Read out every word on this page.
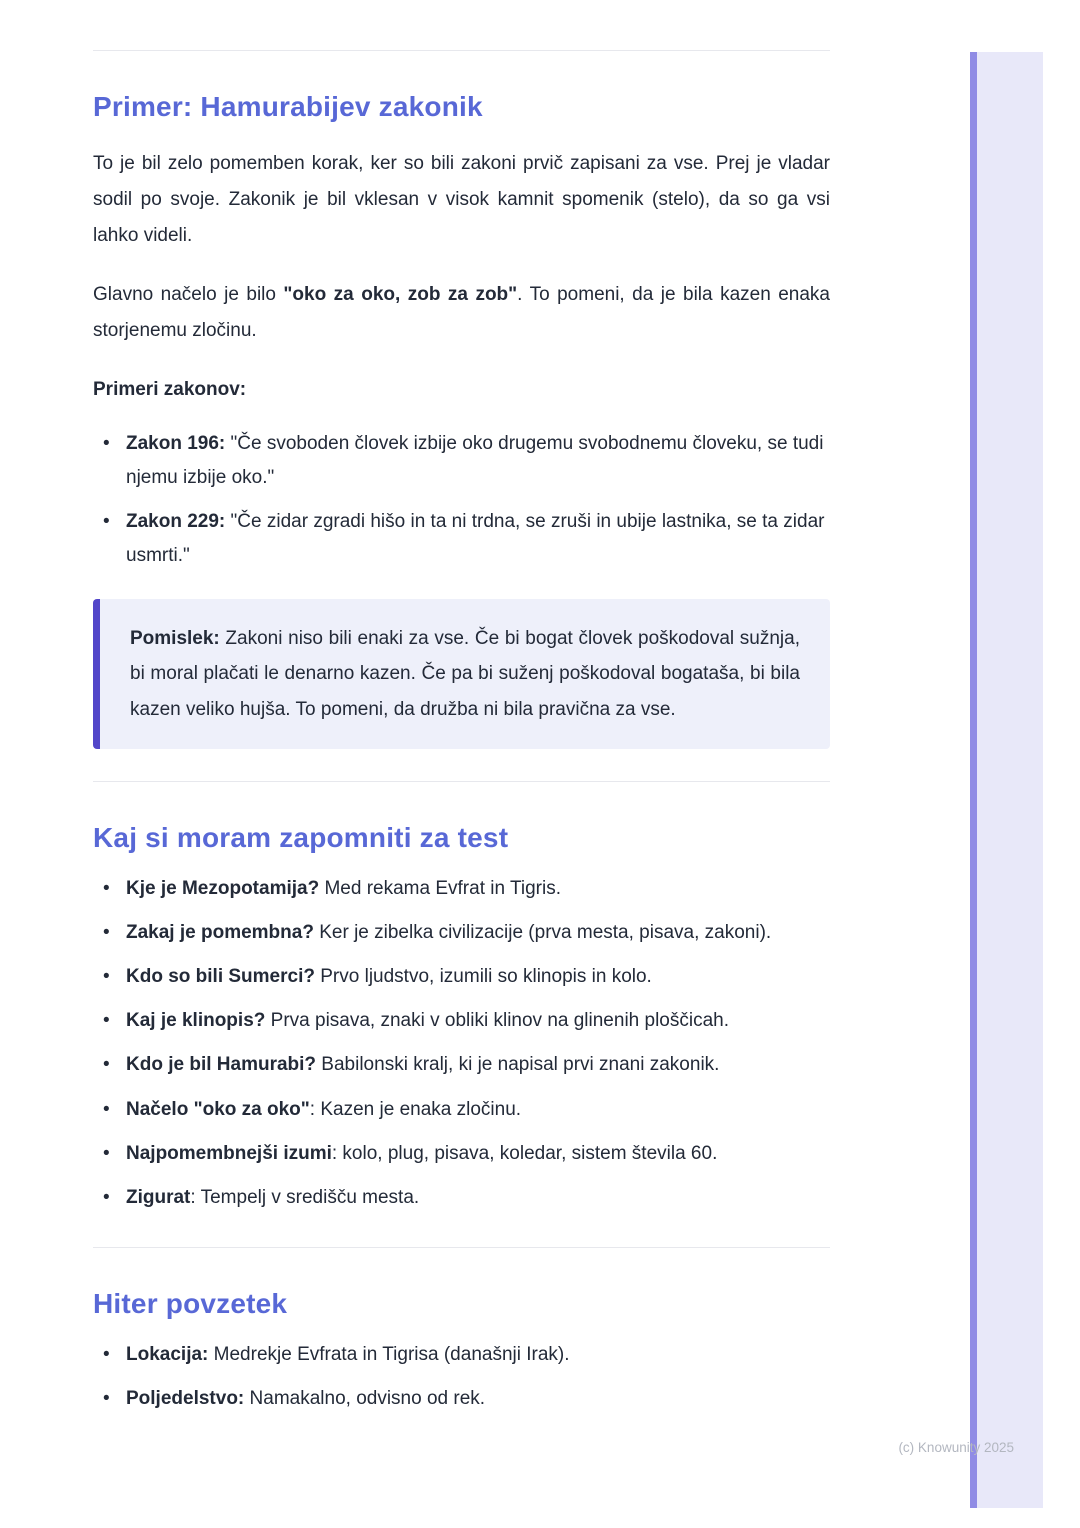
Primer: Hamurabijev zakonik

To je bil zelo pomemben korak, ker so bili zakoni prvič zapisani za vse. Prej je vladar sodil po svoje. Zakonik je bil vklesan v visok kamnit spomenik (stelo), da so ga vsi lahko videli.

Glavno načelo je bilo "oko za oko, zob za zob". To pomeni, da je bila kazen enaka storjenemu zločinu.

Primeri zakonov:

• Zakon 196: "Če svoboden človek izbije oko drugemu svobodnemu človeku, se tudi njemu izbije oko."
• Zakon 229: "Če zidar zgradi hišo in ta ni trdna, se zruši in ubije lastnika, se ta zidar usmrti."
Pomislek: Zakoni niso bili enaki za vse. Če bi bogat človek poškodoval sužnja, bi moral plačati le denarno kazen. Če pa bi suženj poškodoval bogataša, bi bila kazen veliko hujša. To pomeni, da družba ni bila pravična za vse.
Kaj si moram zapomniti za test
• Kje je Mezopotamija? Med rekama Evfrat in Tigris.
• Zakaj je pomembna? Ker je zibelka civilizacije (prva mesta, pisava, zakoni).
• Kdo so bili Sumerci? Prvo ljudstvo, izumili so klinopis in kolo.
• Kaj je klinopis? Prva pisava, znaki v obliki klinov na glinenih ploščicah.
• Kdo je bil Hamurabi? Babilonski kralj, ki je napisal prvi znani zakonik.
• Načelo "oko za oko": Kazen je enaka zločinu.
• Najpomembnejši izumi: kolo, plug, pisava, koledar, sistem števila 60.
• Zigurat: Tempelj v središču mesta.
Hiter povzetek
• Lokacija: Medrekje Evfrata in Tigrisa (današnji Irak).
• Poljedelstvo: Namakalno, odvisno od rek.
(c) Knowunity 2025
